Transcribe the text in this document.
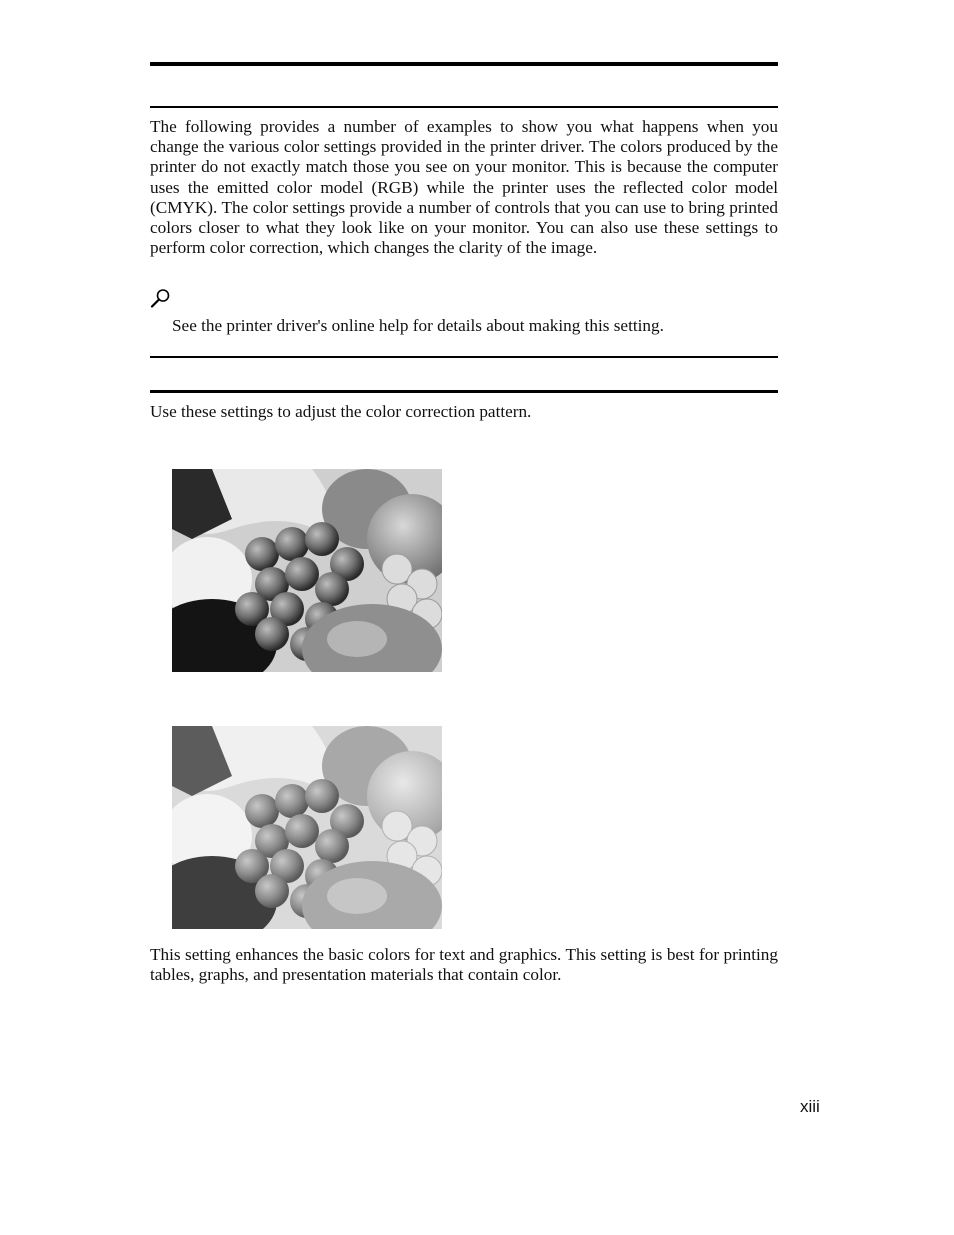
The following provides a number of examples to show you what happens when you change the various color settings provided in the printer driver. The colors produced by the printer do not exactly match those you see on your monitor. This is because the computer uses the emitted color model (RGB) while the printer uses the reflected color model (CMYK). The color settings provide a number of controls that you can use to bring printed colors closer to what they look like on your monitor. You can also use these settings to perform color correction, which changes the clarity of the image.

See the printer driver's online help for details about making this setting.

Use these settings to adjust the color correction pattern.

This setting enhances the basic colors for text and graphics. This setting is best for printing tables, graphs, and presentation materials that contain color.

xiii
